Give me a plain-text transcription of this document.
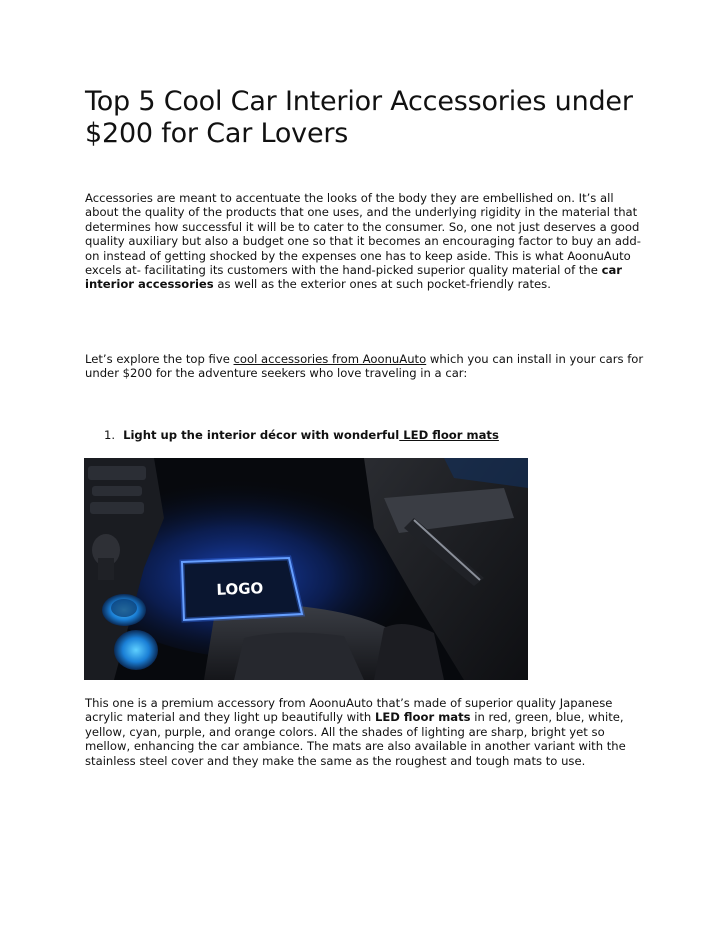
Top 5 Cool Car Interior Accessories under $200 for Car Lovers

Accessories are meant to accentuate the looks of the body they are embellished on. It’s all about the quality of the products that one uses, and the underlying rigidity in the material that determines how successful it will be to cater to the consumer. So, one not just deserves a good quality auxiliary but also a budget one so that it becomes an encouraging factor to buy an add-on instead of getting shocked by the expenses one has to keep aside. This is what AoonuAuto excels at- facilitating its customers with the hand-picked superior quality material of the car interior accessories as well as the exterior ones at such pocket-friendly rates.

Let’s explore the top five cool accessories from AoonuAuto which you can install in your cars for under $200 for the adventure seekers who love traveling in a car:

1. Light up the interior décor with wonderful LED floor mats

LOGO

This one is a premium accessory from AoonuAuto that’s made of superior quality Japanese acrylic material and they light up beautifully with LED floor mats in red, green, blue, white, yellow, cyan, purple, and orange colors. All the shades of lighting are sharp, bright yet so mellow, enhancing the car ambiance. The mats are also available in another variant with the stainless steel cover and they make the same as the roughest and tough mats to use.
